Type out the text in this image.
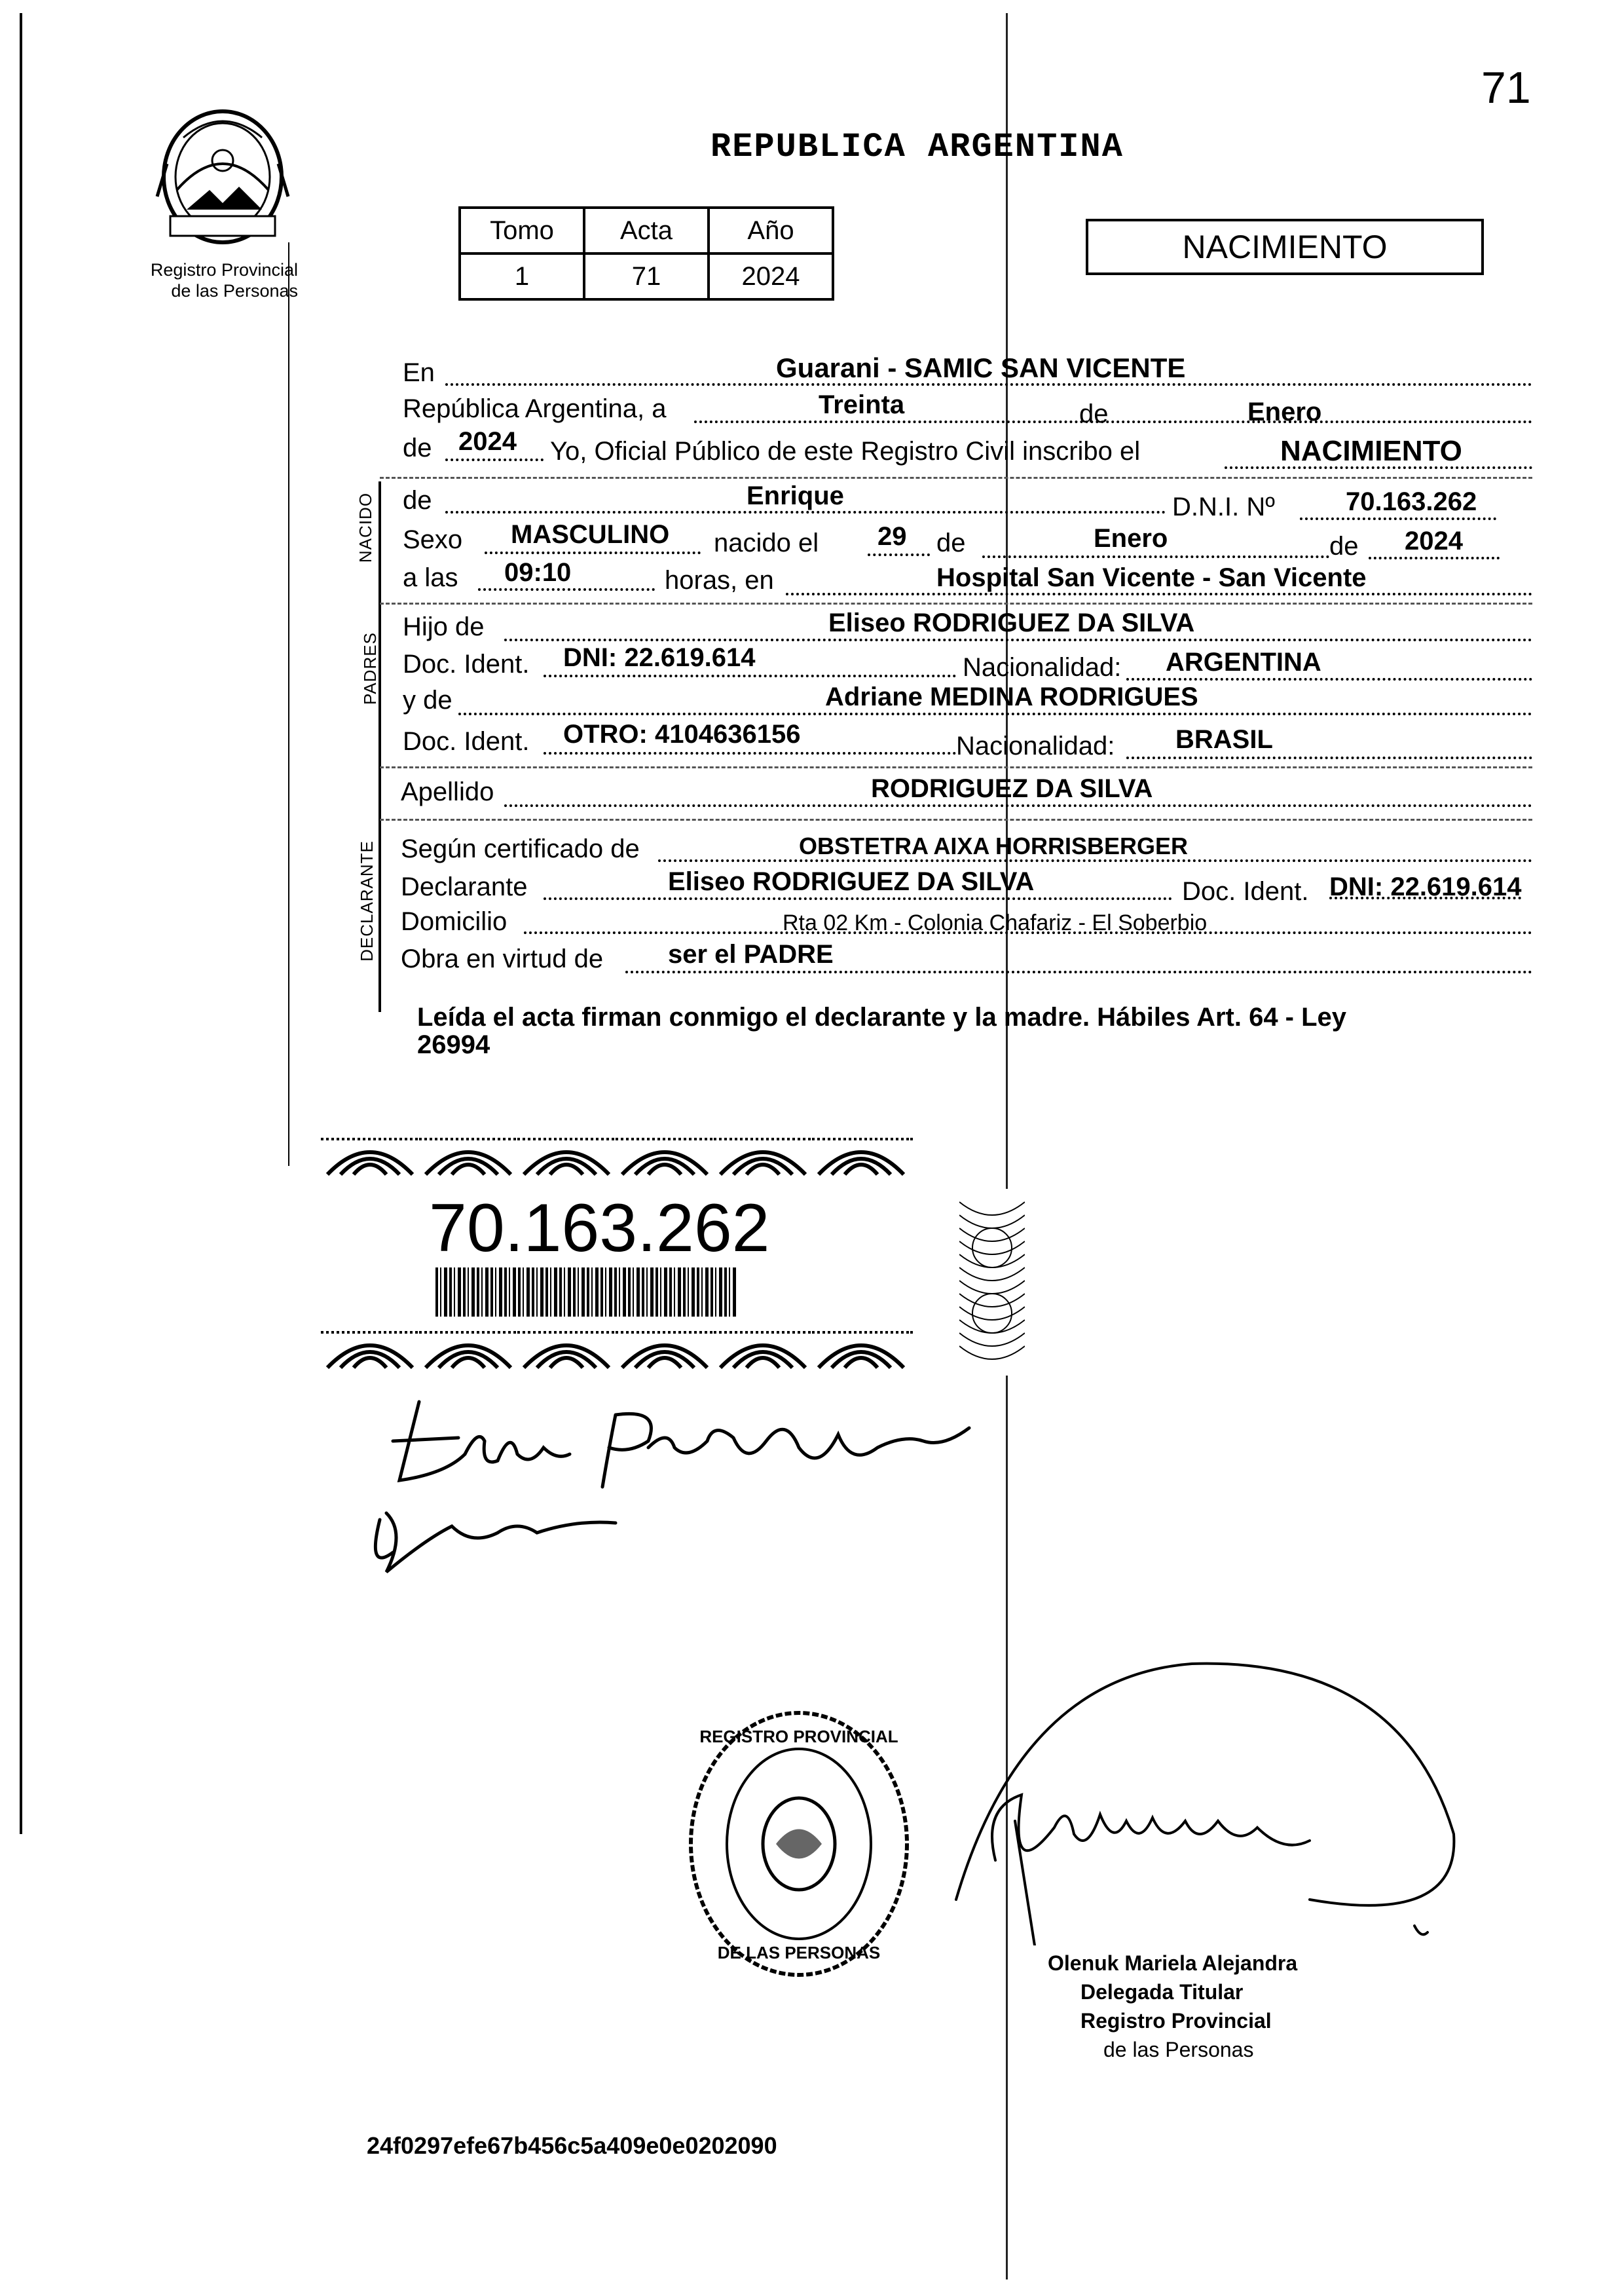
71
Registro Provincial
de las Personas
REPUBLICA ARGENTINA
Tomo	Acta	Año
1	71	2024
NACIMIENTO
En	Guarani - SAMIC SAN VICENTE
República Argentina, a	Treinta	de	Enero
de 2024 Yo, Oficial Público de este Registro Civil inscribo el	NACIMIENTO
NACIDO de	Enrique	D.N.I. Nº	70.163.262
Sexo MASCULINO nacido el 29 de	Enero	de 2024
a las 09:10	horas, en	Hospital San Vicente - San Vicente
PADRES
Hijo de	Eliseo RODRIGUEZ DA SILVA
Doc. Ident. DNI: 22.619.614	Nacionalidad: ARGENTINA
y de	Adriane MEDINA RODRIGUES
Doc. Ident. OTRO: 4104636156	Nacionalidad: BRASIL
Apellido	RODRIGUEZ DA SILVA
DECLARANTE Según certificado de	OBSTETRA AIXA HORRISBERGER
Declarante	Eliseo RODRIGUEZ DA SILVA	Doc. Ident. DNI: 22.619.614
Domicilio	Rta 02 Km - Colonia Chafariz - El Soberbio
Obra en virtud de ser el PADRE
Leída el acta firman conmigo el declarante y la madre. Hábiles Art. 64 - Ley
26994
70.163.262
REGISTRO PROVINCIAL
DE LAS PERSONAS	Olenuk Mariela Alejandra
Delegada Titular
Registro Provincial
de las Personas
24f0297efe67b456c5a409e0e0202090
